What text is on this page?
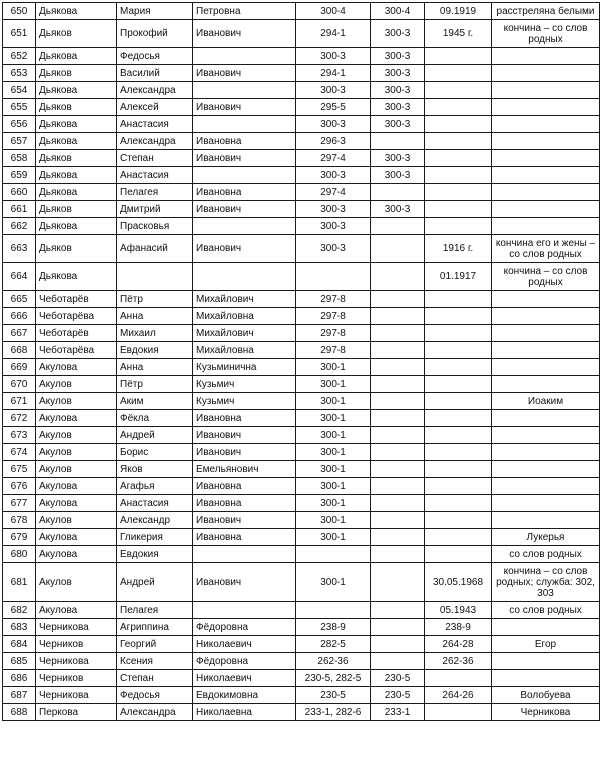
650	Дьякова	Мария	Петровна	300-4	300-4	09.1919	расстреляна белыми
651	Дьяков	Прокофий	Иванович	294-1	300-3	1945 г.	кончина – со слов родных
652	Дьякова	Федосья		300-3	300-3		
653	Дьяков	Василий	Иванович	294-1	300-3		
654	Дьякова	Александра		300-3	300-3		
655	Дьяков	Алексей	Иванович	295-5	300-3		
656	Дьякова	Анастасия		300-3	300-3		
657	Дьякова	Александра	Ивановна	296-3			
658	Дьяков	Степан	Иванович	297-4	300-3		
659	Дьякова	Анастасия		300-3	300-3		
660	Дьякова	Пелагея	Ивановна	297-4			
661	Дьяков	Дмитрий	Иванович	300-3	300-3		
662	Дьякова	Прасковья		300-3			
663	Дьяков	Афанасий	Иванович	300-3		1916 г.	кончина его и жены – со слов родных
664	Дьякова					01.1917	кончина – со слов родных
665	Чеботарёв	Пётр	Михайлович	297-8			
666	Чеботарёва	Анна	Михайловна	297-8			
667	Чеботарёв	Михаил	Михайлович	297-8			
668	Чеботарёва	Евдокия	Михайловна	297-8			
669	Акулова	Анна	Кузьминична	300-1			
670	Акулов	Пётр	Кузьмич	300-1			
671	Акулов	Аким	Кузьмич	300-1			Иоаким
672	Акулова	Фёкла	Ивановна	300-1			
673	Акулов	Андрей	Иванович	300-1			
674	Акулов	Борис	Иванович	300-1			
675	Акулов	Яков	Емельянович	300-1			
676	Акулова	Агафья	Ивановна	300-1			
677	Акулова	Анастасия	Ивановна	300-1			
678	Акулов	Александр	Иванович	300-1			
679	Акулова	Гликерия	Ивановна	300-1			Лукерья
680	Акулова	Евдокия					со слов родных
681	Акулов	Андрей	Иванович	300-1		30.05.1968	кончина – со слов родных; служба: 302, 303
682	Акулова	Пелагея				05.1943	со слов родных
683	Черникова	Агриппина	Фёдоровна	238-9		238-9	
684	Черников	Георгий	Николаевич	282-5		264-28	Егор
685	Черникова	Ксения	Фёдоровна	262-36		262-36	
686	Черников	Степан	Николаевич	230-5, 282-5	230-5		
687	Черникова	Федосья	Евдокимовна	230-5	230-5	264-26	Волобуева
688	Перкова	Александра	Николаевна	233-1, 282-6	233-1		Черникова
